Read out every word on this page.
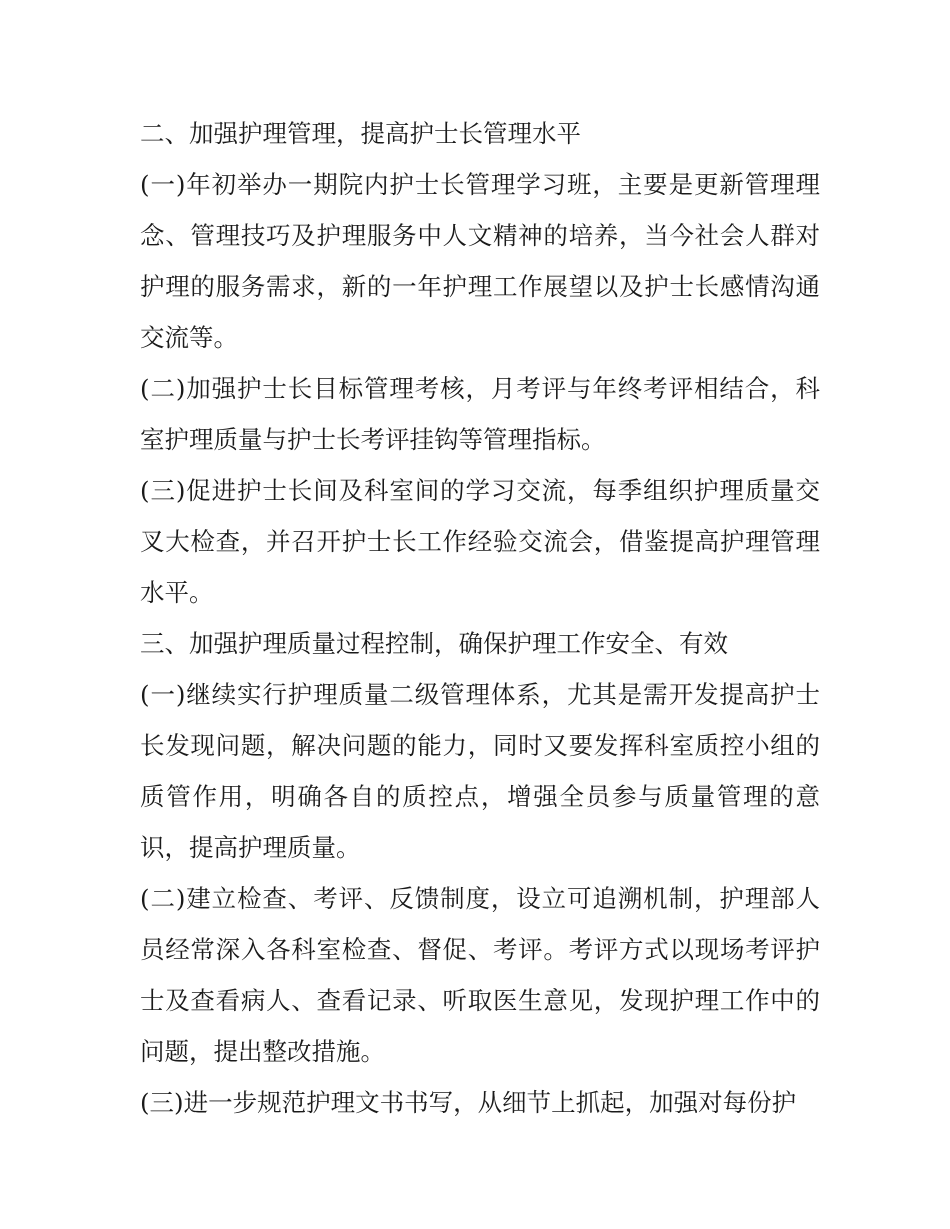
二、加强护理管理，提高护士长管理水平

(一)年初举办一期院内护士长管理学习班，主要是更新管理理念、管理技巧及护理服务中人文精神的培养，当今社会人群对护理的服务需求，新的一年护理工作展望以及护士长感情沟通交流等。

(二)加强护士长目标管理考核，月考评与年终考评相结合，科室护理质量与护士长考评挂钩等管理指标。

(三)促进护士长间及科室间的学习交流，每季组织护理质量交叉大检查，并召开护士长工作经验交流会，借鉴提高护理管理水平。

三、加强护理质量过程控制，确保护理工作安全、有效

(一)继续实行护理质量二级管理体系，尤其是需开发提高护士长发现问题，解决问题的能力，同时又要发挥科室质控小组的质管作用，明确各自的质控点，增强全员参与质量管理的意识，提高护理质量。

(二)建立检查、考评、反馈制度，设立可追溯机制，护理部人员经常深入各科室检查、督促、考评。考评方式以现场考评护士及查看病人、查看记录、听取医生意见，发现护理工作中的问题，提出整改措施。

(三)进一步规范护理文书书写，从细节上抓起，加强对每份护
